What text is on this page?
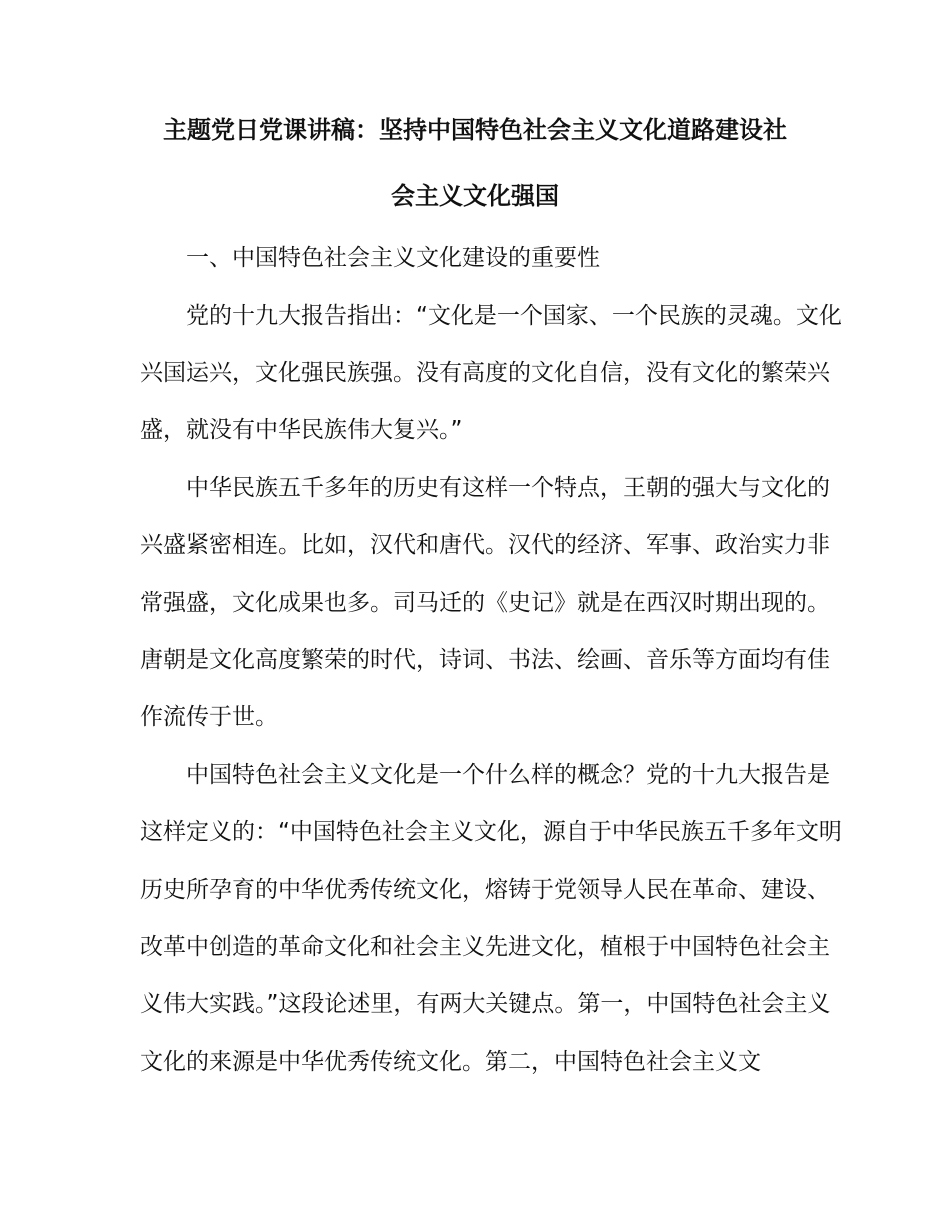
主题党日党课讲稿：坚持中国特色社会主义文化道路建设社
会主义文化强国

一、中国特色社会主义文化建设的重要性

党的十九大报告指出：“文化是一个国家、一个民族的灵魂。文化

兴国运兴，文化强民族强。没有高度的文化自信，没有文化的繁荣兴

盛，就没有中华民族伟大复兴。”

中华民族五千多年的历史有这样一个特点，王朝的强大与文化的

兴盛紧密相连。比如，汉代和唐代。汉代的经济、军事、政治实力非

常强盛，文化成果也多。司马迁的《史记》就是在西汉时期出现的。

唐朝是文化高度繁荣的时代，诗词、书法、绘画、音乐等方面均有佳

作流传于世。

中国特色社会主义文化是一个什么样的概念？党的十九大报告是

这样定义的：“中国特色社会主义文化，源自于中华民族五千多年文明

历史所孕育的中华优秀传统文化，熔铸于党领导人民在革命、建设、

改革中创造的革命文化和社会主义先进文化，植根于中国特色社会主

义伟大实践。”这段论述里，有两大关键点。第一，中国特色社会主义

文化的来源是中华优秀传统文化。第二，中国特色社会主义文
